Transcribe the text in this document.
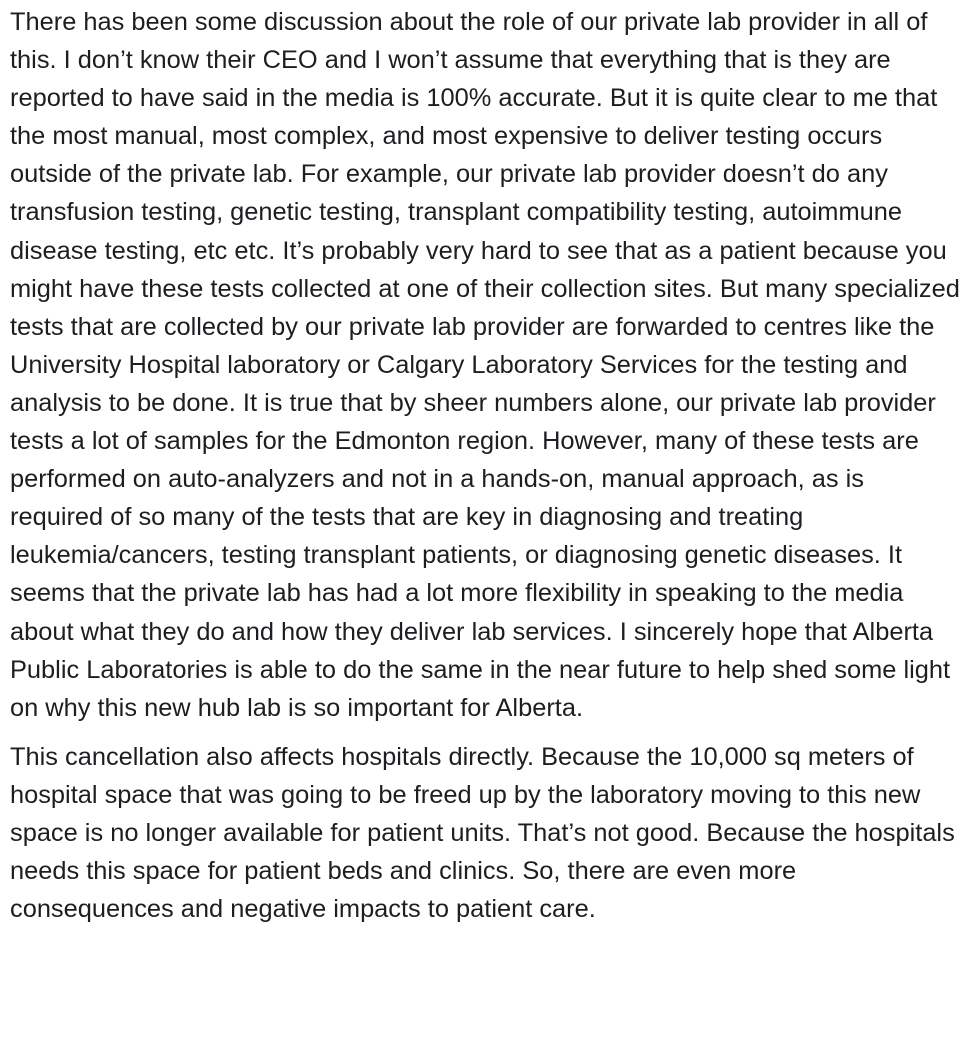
There has been some discussion about the role of our private lab provider in all of this. I don’t know their CEO and I won’t assume that everything that is they are reported to have said in the media is 100% accurate. But it is quite clear to me that the most manual, most complex, and most expensive to deliver testing occurs outside of the private lab. For example, our private lab provider doesn’t do any transfusion testing, genetic testing, transplant compatibility testing, autoimmune disease testing, etc etc. It’s probably very hard to see that as a patient because you might have these tests collected at one of their collection sites. But many specialized tests that are collected by our private lab provider are forwarded to centres like the University Hospital laboratory or Calgary Laboratory Services for the testing and analysis to be done. It is true that by sheer numbers alone, our private lab provider tests a lot of samples for the Edmonton region. However, many of these tests are performed on auto-analyzers and not in a hands-on, manual approach, as is required of so many of the tests that are key in diagnosing and treating leukemia/cancers, testing transplant patients, or diagnosing genetic diseases. It seems that the private lab has had a lot more flexibility in speaking to the media about what they do and how they deliver lab services. I sincerely hope that Alberta Public Laboratories is able to do the same in the near future to help shed some light on why this new hub lab is so important for Alberta.

This cancellation also affects hospitals directly. Because the 10,000 sq meters of hospital space that was going to be freed up by the laboratory moving to this new space is no longer available for patient units. That’s not good. Because the hospitals needs this space for patient beds and clinics. So, there are even more consequences and negative impacts to patient care.
